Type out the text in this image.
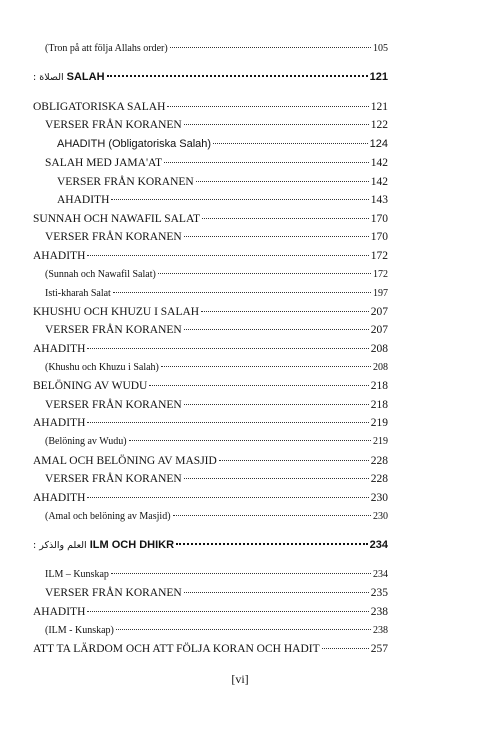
(Tron på att följa Allahs order)	105
الصلاة : SALAH	121
OBLIGATORISKA SALAH	121
VERSER FRÅN KORANEN	122
AHADITH (Obligatoriska Salah)	124
SALAH MED JAMA'AT	142
VERSER FRÅN KORANEN	142
AHADITH	143
SUNNAH OCH NAWAFIL SALAT	170
VERSER FRÅN KORANEN	170
AHADITH	172
(Sunnah och Nawafil Salat)	172
Isti-kharah Salat	197
KHUSHU OCH KHUZU I SALAH	207
VERSER FRÅN KORANEN	207
AHADITH	208
(Khushu och Khuzu i Salah)	208
BELÖNING AV WUDU	218
VERSER FRÅN KORANEN	218
AHADITH	219
(Belöning av Wudu)	219
AMAL OCH BELÖNING AV MASJID	228
VERSER FRÅN KORANEN	228
AHADITH	230
(Amal och belöning av Masjid)	230
العلم والذكر : ILM OCH DHIKR	234
ILM – Kunskap	234
VERSER FRÅN KORANEN	235
AHADITH	238
(ILM - Kunskap)	238
ATT TA LÄRDOM OCH ATT FÖLJA KORAN OCH HADIT	257
[vi]
